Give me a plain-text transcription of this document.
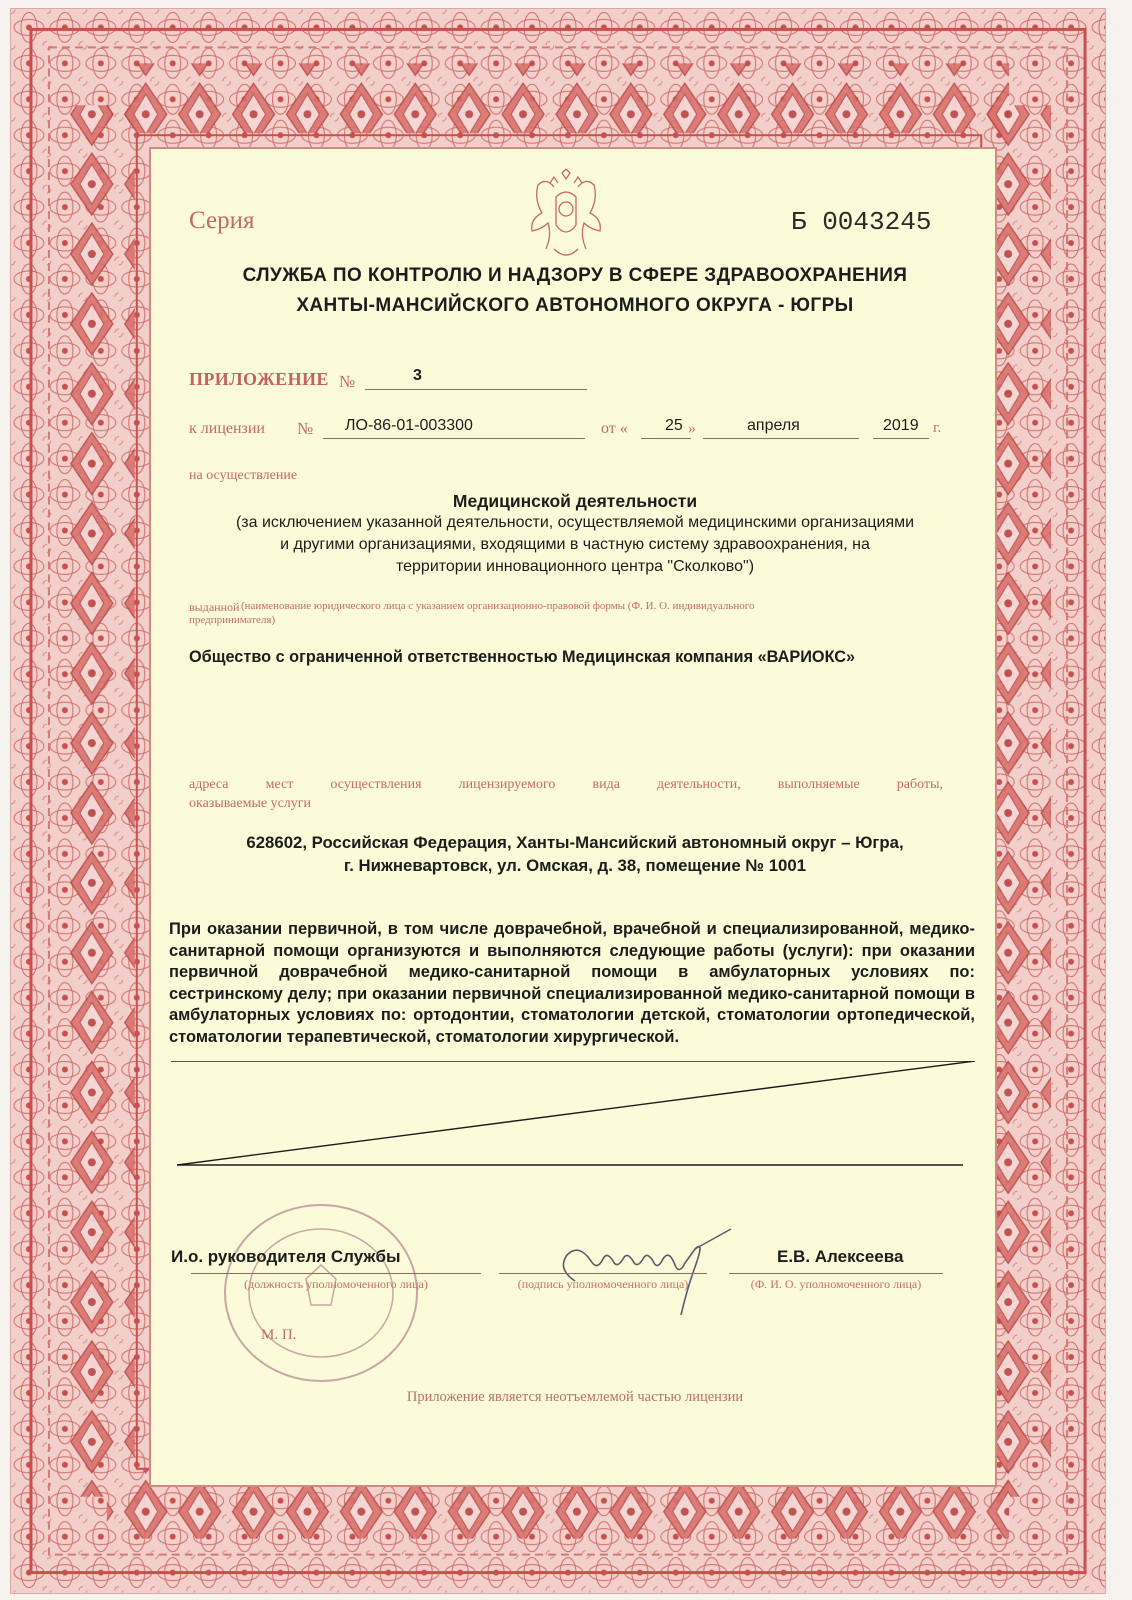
Серия	Б 0043245
СЛУЖБА ПО КОНТРОЛЮ И НАДЗОРУ В СФЕРЕ ЗДРАВООХРАНЕНИЯ
ХАНТЫ-МАНСИЙСКОГО АВТОНОМНОГО ОКРУГА - ЮГРЫ
ПРИЛОЖЕНИЕ №	3
к лицензии № ЛО-86-01-003300	от « 25 »	апреля	2019 г.
на осуществление
Медицинской деятельности
(за исключением указанной деятельности, осуществляемой медицинскими организациями
и другими организациями, входящими в частную систему здравоохранения, на
территории инновационного центра "Сколково")
выданной (наименование юридического лица с указанием организационно-правовой формы (Ф. И. О. индивидуального
предпринимателя)
Общество с ограниченной ответственностью Медицинская компания «ВАРИОКС»
адреса мест осуществления лицензируемого вида деятельности, выполняемые работы,
оказываемые услуги
628602, Российская Федерация, Ханты-Мансийский автономный округ – Югра,
г. Нижневартовск, ул. Омская, д. 38, помещение № 1001
При оказании первичной, в том числе доврачебной, врачебной и специализированной, медико-санитарной помощи организуются и выполняются следующие работы (услуги): при оказании первичной доврачебной медико-санитарной помощи в амбулаторных условиях по: сестринскому делу; при оказании первичной специализированной медико-санитарной помощи в амбулаторных условиях по: ортодонтии, стоматологии детской, стоматологии ортопедической, стоматологии терапевтической, стоматологии хирургической.
И.о. руководителя Службы
(должность уполномоченного лица)	(подпись уполномоченного лица)
Е.В. Алексеева
(Ф. И. О. уполномоченного лица)
М. П.
Приложение является неотъемлемой частью лицензии
